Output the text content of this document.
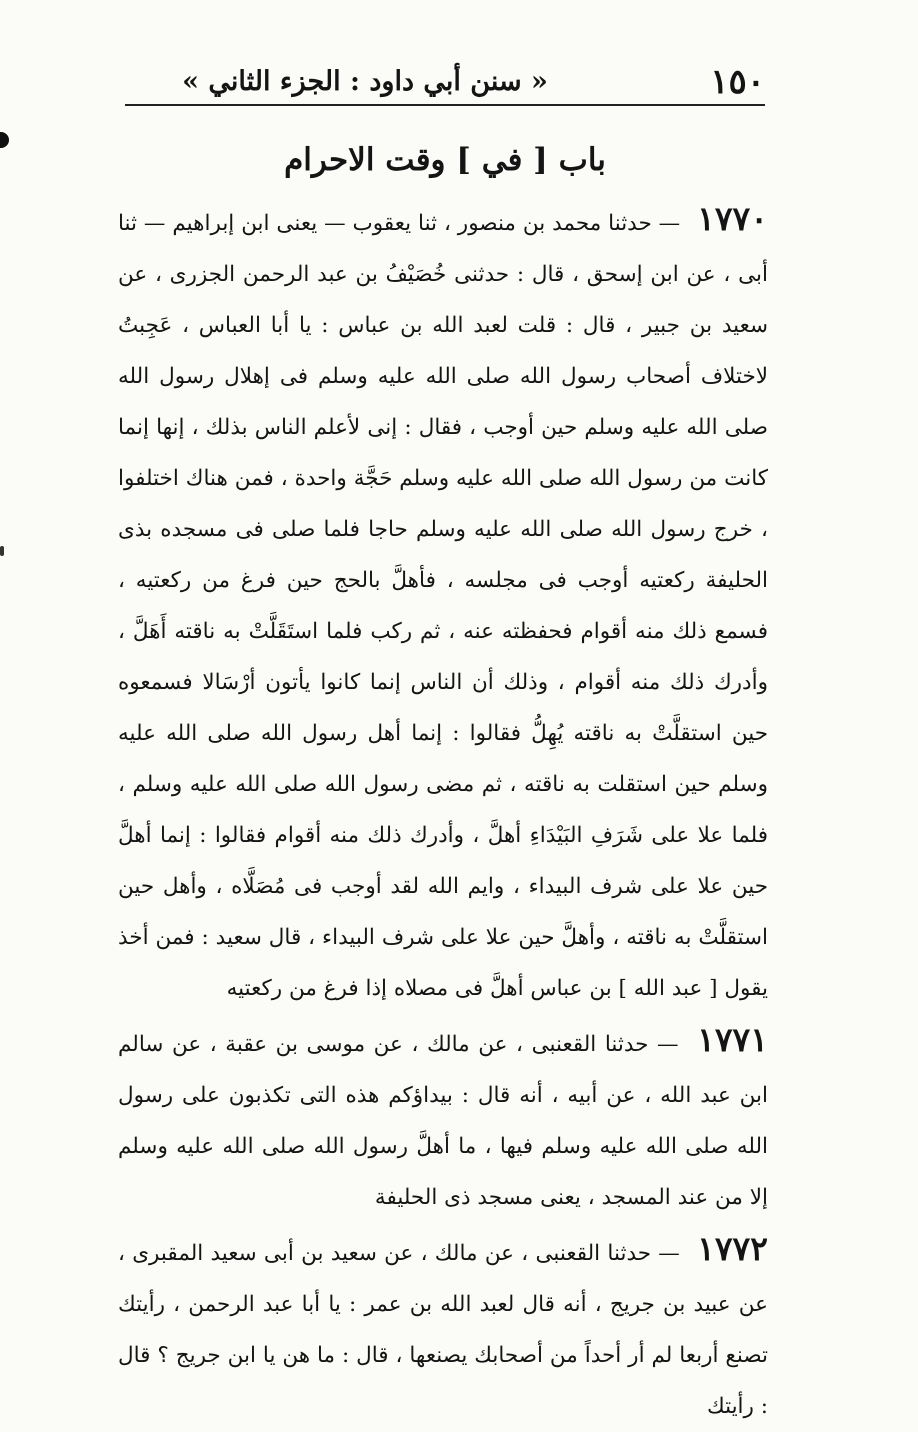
١٥٠
« سنن أبي داود : الجزء الثاني »
باب [ في ] وقت الاحرام

١٧٧٠ — حدثنا محمد بن منصور ، ثنا يعقوب — يعنى ابن إبراهيم — ثنا أبى ، عن ابن إسحق ، قال : حدثنى خُصَيْفُ بن عبد الرحمن الجزرى ، عن سعيد بن جبير ، قال : قلت لعبد الله بن عباس : يا أبا العباس ، عَجِبتُ لاختلاف أصحاب رسول الله صلى الله عليه وسلم فى إهلال رسول الله صلى الله عليه وسلم حين أوجب ، فقال : إنى لأعلم الناس بذلك ، إنها إنما كانت من رسول الله صلى الله عليه وسلم حَجَّة واحدة ، فمن هناك اختلفوا ، خرج رسول الله صلى الله عليه وسلم حاجا فلما صلى فى مسجده بذى الحليفة ركعتيه أوجب فى مجلسه ، فأهلَّ بالحج حين فرغ من ركعتيه ، فسمع ذلك منه أقوام فحفظته عنه ، ثم ركب فلما استَقَلَّتْ به ناقته أَهَلَّ ، وأدرك ذلك منه أقوام ، وذلك أن الناس إنما كانوا يأتون أرْسَالا فسمعوه حين استقلَّتْ به ناقته يُهِلُّ فقالوا : إنما أهل رسول الله صلى الله عليه وسلم حين استقلت به ناقته ، ثم مضى رسول الله صلى الله عليه وسلم ، فلما علا على شَرَفِ البَيْدَاءِ أهلَّ ، وأدرك ذلك منه أقوام فقالوا : إنما أهلَّ حين علا على شرف البيداء ، وايم الله لقد أوجب فى مُصَلَّاه ، وأهل حين استقلَّتْ به ناقته ، وأهلَّ حين علا على شرف البيداء ، قال سعيد : فمن أخذ يقول [ عبد الله ] بن عباس أهلَّ فى مصلاه إذا فرغ من ركعتيه

١٧٧١ — حدثنا القعنبى ، عن مالك ، عن موسى بن عقبة ، عن سالم ابن عبد الله ، عن أبيه ، أنه قال : بيداؤكم هذه التى تكذبون على رسول الله صلى الله عليه وسلم فيها ، ما أهلَّ رسول الله صلى الله عليه وسلم إلا من عند المسجد ، يعنى مسجد ذى الحليفة

١٧٧٢ — حدثنا القعنبى ، عن مالك ، عن سعيد بن أبى سعيد المقبرى ، عن عبيد بن جريج ، أنه قال لعبد الله بن عمر : يا أبا عبد الرحمن ، رأيتك تصنع أربعا لم أر أحداً من أصحابك يصنعها ، قال : ما هن يا ابن جريج ؟ قال : رأيتك
